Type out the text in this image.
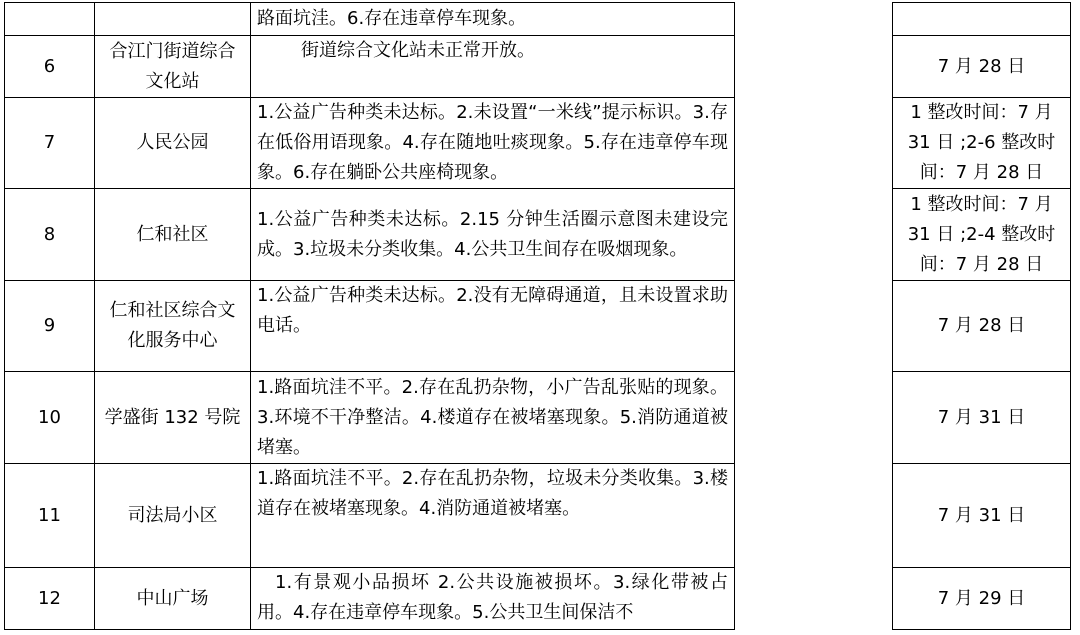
		路面坑洼。6.存在违章停车现象。		
6	合江门街道综合文化站	街道综合文化站未正常开放。		7 月 28 日
7	人民公园	1.公益广告种类未达标。2.未设置“一米线”提示标识。3.存在低俗用语现象。4.存在随地吐痰现象。5.存在违章停车现象。6.存在躺卧公共座椅现象。		1 整改时间：7 月 31 日 ;2-6 整改时间：7 月 28 日
8	仁和社区	1.公益广告种类未达标。2.15 分钟生活圈示意图未建设完成。3.垃圾未分类收集。4.公共卫生间存在吸烟现象。		1 整改时间：7 月 31 日 ;2-4 整改时间：7 月 28 日
9	仁和社区综合文化服务中心	1.公益广告种类未达标。2.没有无障碍通道，且未设置求助电话。		7 月 28 日
10	学盛街 132 号院	1.路面坑洼不平。2.存在乱扔杂物，小广告乱张贴的现象。3.环境不干净整洁。4.楼道存在被堵塞现象。5.消防通道被堵塞。		7 月 31 日
11	司法局小区	1.路面坑洼不平。2.存在乱扔杂物，垃圾未分类收集。3.楼道存在被堵塞现象。4.消防通道被堵塞。		7 月 31 日
12	中山广场	1.有景观小品损坏 2.公共设施被损坏。3.绿化带被占用。4.存在违章停车现象。5.公共卫生间保洁不		7 月 29 日
